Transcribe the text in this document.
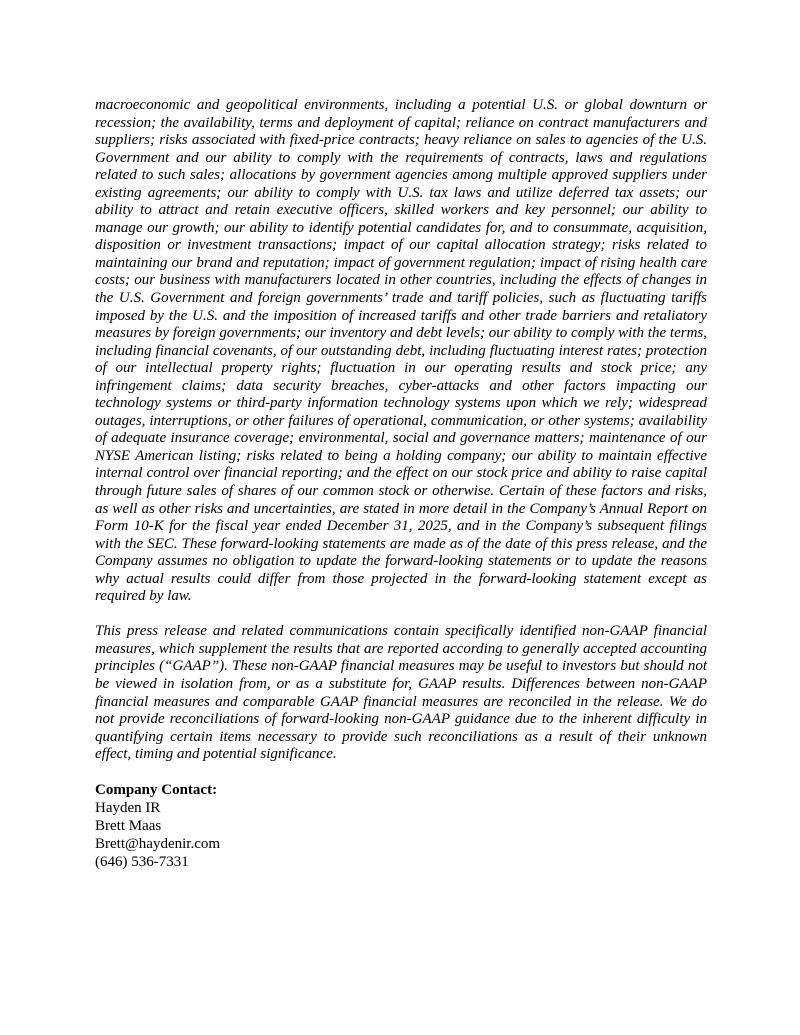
macroeconomic and geopolitical environments, including a potential U.S. or global downturn or recession; the availability, terms and deployment of capital; reliance on contract manufacturers and suppliers; risks associated with fixed-price contracts; heavy reliance on sales to agencies of the U.S. Government and our ability to comply with the requirements of contracts, laws and regulations related to such sales; allocations by government agencies among multiple approved suppliers under existing agreements; our ability to comply with U.S. tax laws and utilize deferred tax assets; our ability to attract and retain executive officers, skilled workers and key personnel; our ability to manage our growth; our ability to identify potential candidates for, and to consummate, acquisition, disposition or investment transactions; impact of our capital allocation strategy; risks related to maintaining our brand and reputation; impact of government regulation; impact of rising health care costs; our business with manufacturers located in other countries, including the effects of changes in the U.S. Government and foreign governments’ trade and tariff policies, such as fluctuating tariffs imposed by the U.S. and the imposition of increased tariffs and other trade barriers and retaliatory measures by foreign governments; our inventory and debt levels; our ability to comply with the terms, including financial covenants, of our outstanding debt, including fluctuating interest rates; protection of our intellectual property rights; fluctuation in our operating results and stock price; any infringement claims; data security breaches, cyber-attacks and other factors impacting our technology systems or third-party information technology systems upon which we rely; widespread outages, interruptions, or other failures of operational, communication, or other systems; availability of adequate insurance coverage; environmental, social and governance matters; maintenance of our NYSE American listing; risks related to being a holding company; our ability to maintain effective internal control over financial reporting; and the effect on our stock price and ability to raise capital through future sales of shares of our common stock or otherwise. Certain of these factors and risks, as well as other risks and uncertainties, are stated in more detail in the Company’s Annual Report on Form 10-K for the fiscal year ended December 31, 2025, and in the Company’s subsequent filings with the SEC. These forward-looking statements are made as of the date of this press release, and the Company assumes no obligation to update the forward-looking statements or to update the reasons why actual results could differ from those projected in the forward-looking statement except as required by law.

This press release and related communications contain specifically identified non-GAAP financial measures, which supplement the results that are reported according to generally accepted accounting principles (“GAAP”). These non-GAAP financial measures may be useful to investors but should not be viewed in isolation from, or as a substitute for, GAAP results. Differences between non-GAAP financial measures and comparable GAAP financial measures are reconciled in the release. We do not provide reconciliations of forward-looking non-GAAP guidance due to the inherent difficulty in quantifying certain items necessary to provide such reconciliations as a result of their unknown effect, timing and potential significance.

Company Contact:
Hayden IR
Brett Maas
Brett@haydenir.com
(646) 536-7331
